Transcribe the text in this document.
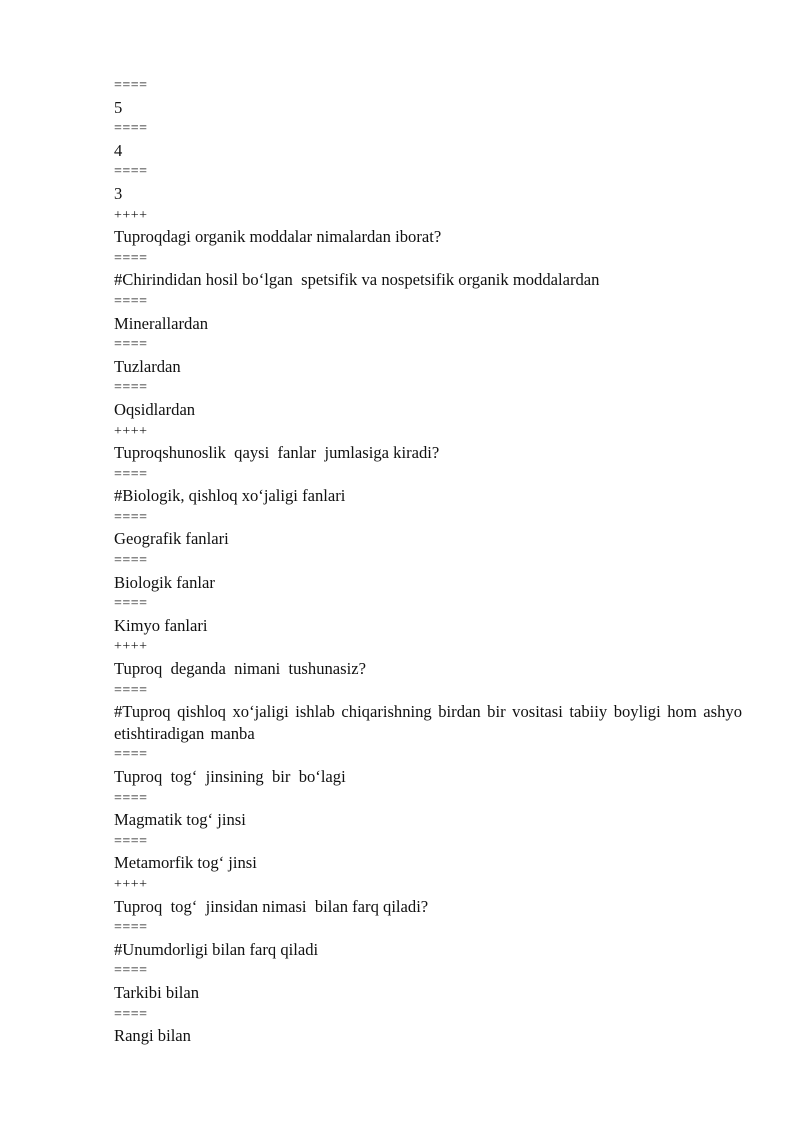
====

5

====

4

====

3

++++

Tuproqdagi organik moddalar nimalardan iborat?

====

#Chirindidan hosil bo‘lgan  spetsifik va nospetsifik organik moddalardan

====

Minerallardan

====

Tuzlardan

====

Oqsidlardan

++++

Tuproqshunoslik  qaysi  fanlar  jumlasiga kiradi?

====

#Biologik, qishloq xo‘jaligi fanlari

====

Geografik fanlari

====

Biologik fanlar

====

Kimyo fanlari

++++

Tuproq  deganda  nimani  tushunasiz?

====

#Tuproq qishloq xo‘jaligi ishlab chiqarishning birdan bir vositasi tabiiy boyligi hom ashyo etishtiradigan manba

====

Tuproq  tog‘  jinsining  bir  bo‘lagi

====

Magmatik tog‘ jinsi

====

Metamorfik tog‘ jinsi

++++

Tuproq  tog‘  jinsidan nimasi  bilan farq qiladi?

====

#Unumdorligi bilan farq qiladi

====

Tarkibi bilan

====

Rangi bilan
